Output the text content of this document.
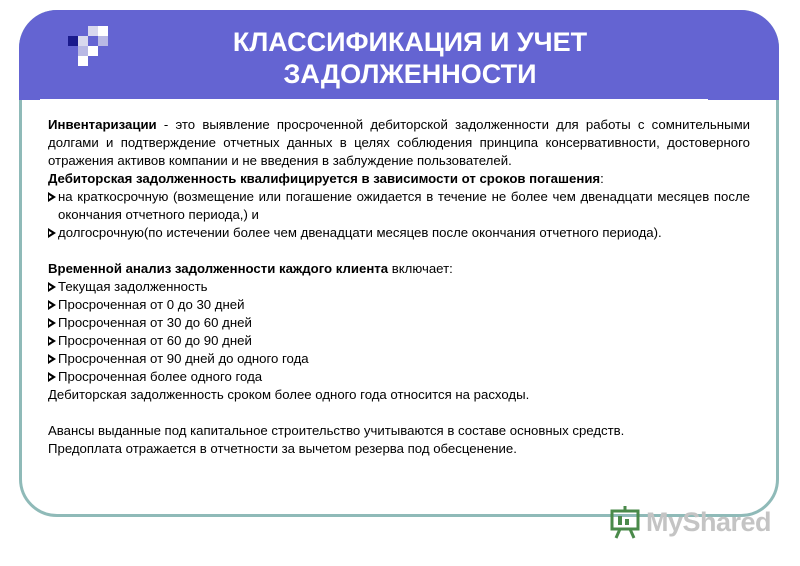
КЛАССИФИКАЦИЯ И УЧЕТ ЗАДОЛЖЕННОСТИ

Инвентаризации - это выявление просроченной дебиторской задолженности для работы с сомнительными долгами и подтверждение отчетных данных в целях соблюдения принципа консервативности, достоверного отражения активов компании и не введения в заблуждение пользователей.

Дебиторская задолженность квалифицируется в зависимости от сроков погашения:

на краткосрочную (возмещение или погашение ожидается в течение не более чем двенадцати месяцев после окончания отчетного периода,) и

долгосрочную(по истечении более чем двенадцати месяцев после окончания отчетного периода).

Временной анализ задолженности каждого клиента включает:

Текущая задолженность

Просроченная от 0 до 30 дней

Просроченная от 30 до 60 дней

Просроченная от 60 до 90 дней

Просроченная от 90 дней до одного года

Просроченная более одного года

Дебиторская задолженность сроком более одного года относится на расходы.

Авансы выданные под капитальное строительство учитываются в составе основных средств.

Предоплата отражается в отчетности за вычетом резерва под обесценение.

MyShared
